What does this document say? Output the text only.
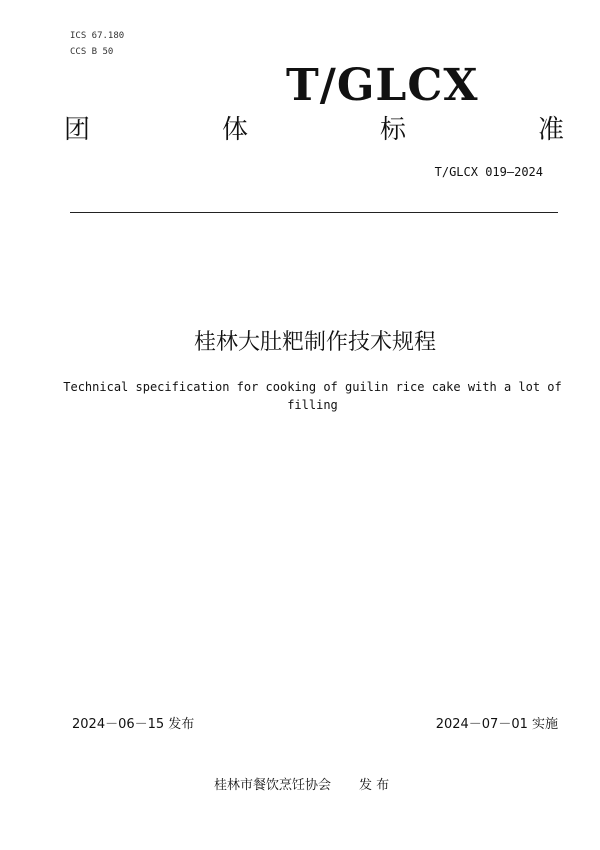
ICS 67.180
CCS B 50
T/GLCX
团	体	标	准
T/GLCX 019—2024
桂林大肚粑制作技术规程
Technical specification for cooking of guilin rice cake with a lot of filling
2024－06－15 发布	2024－07－01 实施
桂林市餐饮烹饪协会 发 布
